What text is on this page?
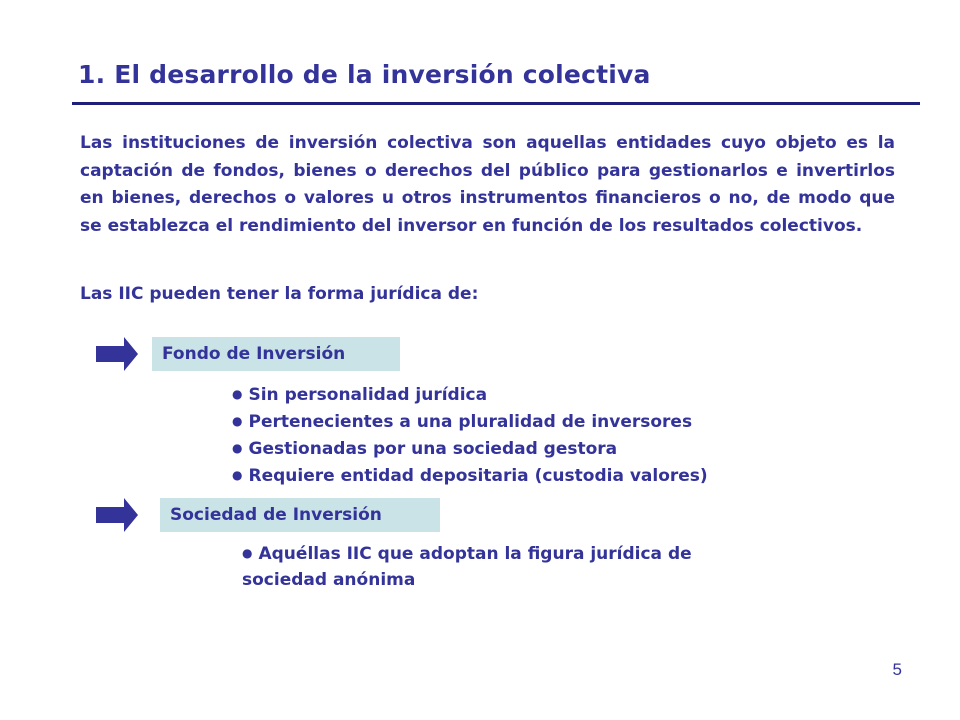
1. El desarrollo de la inversión colectiva
Las instituciones de inversión colectiva son aquellas entidades cuyo objeto es la captación de fondos, bienes o derechos del público para gestionarlos e invertirlos en bienes, derechos o valores u otros instrumentos financieros o no, de modo que se establezca el rendimiento del inversor en función de los resultados colectivos.
Las IIC pueden tener la forma jurídica de:
Fondo de Inversión
● Sin personalidad jurídica
● Pertenecientes a una pluralidad de inversores
● Gestionadas por una sociedad gestora
● Requiere entidad depositaria (custodia valores)
Sociedad de Inversión
● Aquéllas IIC que adoptan la figura jurídica de sociedad anónima
5
